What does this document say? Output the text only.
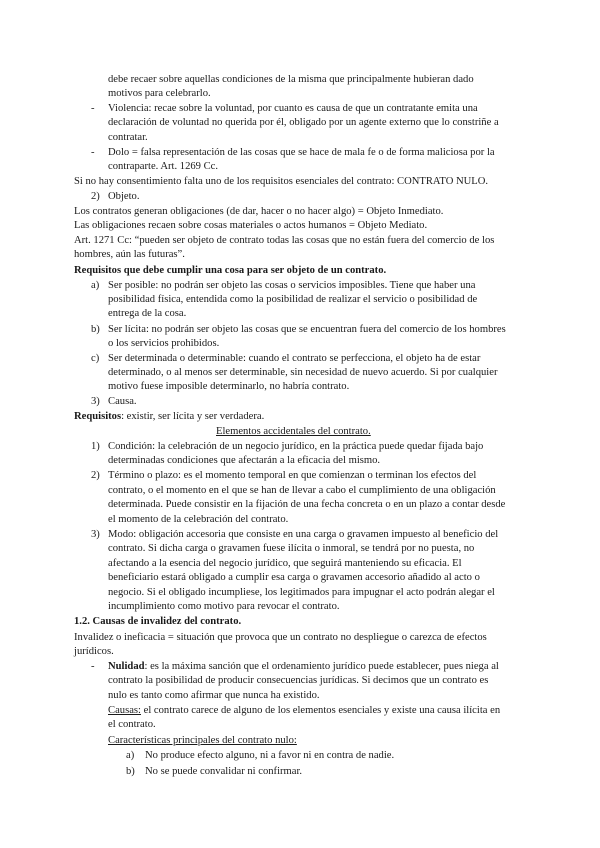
debe recaer sobre aquellas condiciones de la misma que principalmente hubieran dado
motivos para celebrarlo.
- Violencia: recae sobre la voluntad, por cuanto es causa de que un contratante emita una
declaración de voluntad no querida por él, obligado por un agente externo que lo constriñe a
contratar.
- Dolo = falsa representación de las cosas que se hace de mala fe o de forma maliciosa por la
contraparte. Art. 1269 Cc.
Si no hay consentimiento falta uno de los requisitos esenciales del contrato: CONTRATO NULO.
2) Objeto.
Los contratos generan obligaciones (de dar, hacer o no hacer algo) = Objeto Inmediato.
Las obligaciones recaen sobre cosas materiales o actos humanos = Objeto Mediato.
Art. 1271 Cc: “pueden ser objeto de contrato todas las cosas que no están fuera del comercio de los
hombres, aún las futuras”.
Requisitos que debe cumplir una cosa para ser objeto de un contrato.
a) Ser posible: no podrán ser objeto las cosas o servicios imposibles. Tiene que haber una
posibilidad física, entendida como la posibilidad de realizar el servicio o posibilidad de
entrega de la cosa.
b) Ser lícita: no podrán ser objeto las cosas que se encuentran fuera del comercio de los hombres
o los servicios prohibidos.
c) Ser determinada o determinable: cuando el contrato se perfecciona, el objeto ha de estar
determinado, o al menos ser determinable, sin necesidad de nuevo acuerdo. Si por cualquier
motivo fuese imposible determinarlo, no habría contrato.
3) Causa.
Requisitos: existir, ser lícita y ser verdadera.
Elementos accidentales del contrato.
1) Condición: la celebración de un negocio jurídico, en la práctica puede quedar fijada bajo
determinadas condiciones que afectarán a la eficacia del mismo.
2) Término o plazo: es el momento temporal en que comienzan o terminan los efectos del
contrato, o el momento en el que se han de llevar a cabo el cumplimiento de una obligación
determinada. Puede consistir en la fijación de una fecha concreta o en un plazo a contar desde
el momento de la celebración del contrato.
3) Modo: obligación accesoria que consiste en una carga o gravamen impuesto al beneficio del
contrato. Si dicha carga o gravamen fuese ilícita o inmoral, se tendrá por no puesta, no
afectando a la esencia del negocio jurídico, que seguirá manteniendo su eficacia. El
beneficiario estará obligado a cumplir esa carga o gravamen accesorio añadido al acto o
negocio. Si el obligado incumpliese, los legitimados para impugnar el acto podrán alegar el
incumplimiento como motivo para revocar el contrato.
1.2. Causas de invalidez del contrato.
Invalidez o ineficacia = situación que provoca que un contrato no despliegue o carezca de efectos
jurídicos.
- Nulidad: es la máxima sanción que el ordenamiento jurídico puede establecer, pues niega al
contrato la posibilidad de producir consecuencias jurídicas. Si decimos que un contrato es
nulo es tanto como afirmar que nunca ha existido.
Causas: el contrato carece de alguno de los elementos esenciales y existe una causa ilícita en
el contrato.
Características principales del contrato nulo:
a) No produce efecto alguno, ni a favor ni en contra de nadie.
b) No se puede convalidar ni confirmar.
